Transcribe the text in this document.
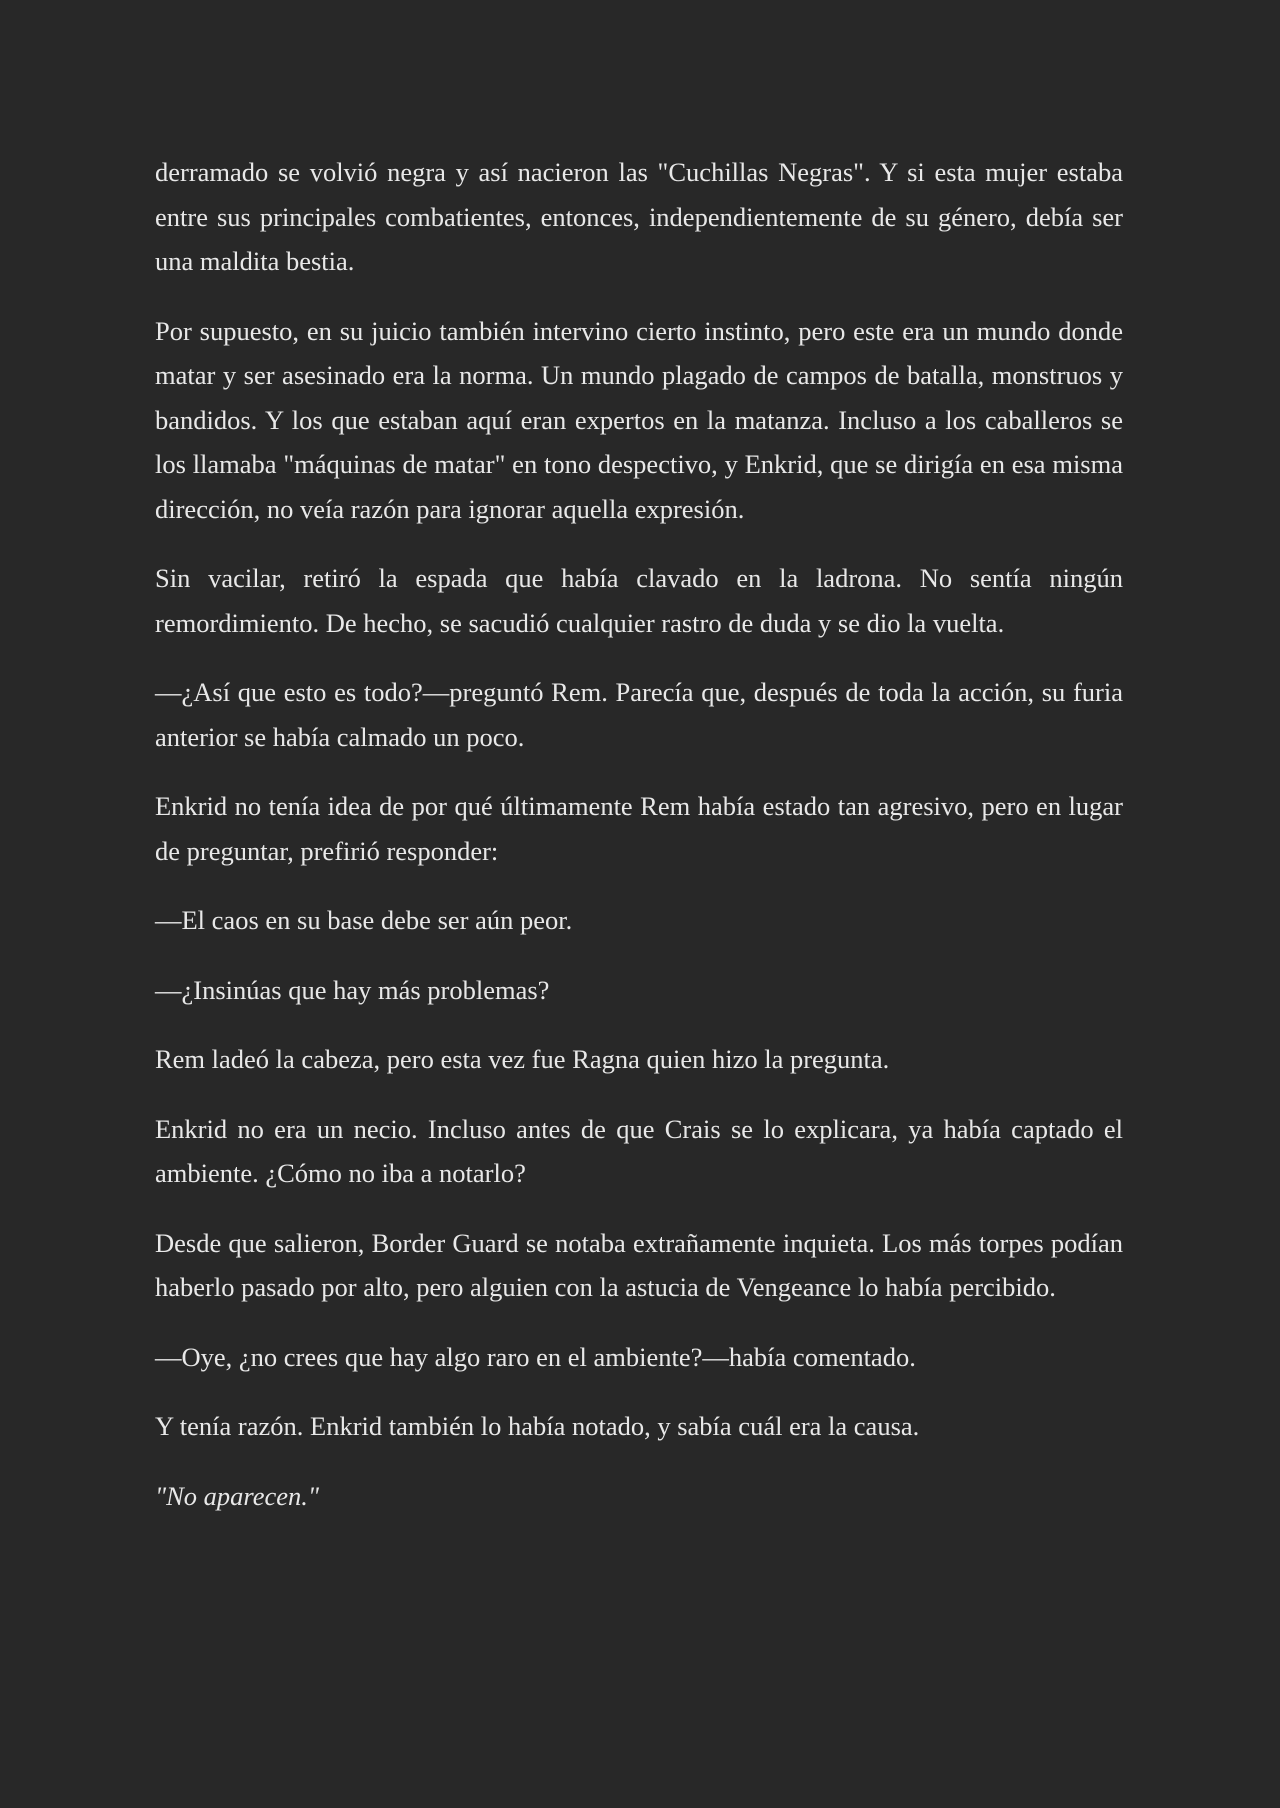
derramado se volvió negra y así nacieron las "Cuchillas Negras". Y si esta mujer estaba entre sus principales combatientes, entonces, independientemente de su género, debía ser una maldita bestia.

Por supuesto, en su juicio también intervino cierto instinto, pero este era un mundo donde matar y ser asesinado era la norma. Un mundo plagado de campos de batalla, monstruos y bandidos. Y los que estaban aquí eran expertos en la matanza. Incluso a los caballeros se los llamaba "máquinas de matar" en tono despectivo, y Enkrid, que se dirigía en esa misma dirección, no veía razón para ignorar aquella expresión.

Sin vacilar, retiró la espada que había clavado en la ladrona. No sentía ningún remordimiento. De hecho, se sacudió cualquier rastro de duda y se dio la vuelta.

—¿Así que esto es todo?—preguntó Rem. Parecía que, después de toda la acción, su furia anterior se había calmado un poco.

Enkrid no tenía idea de por qué últimamente Rem había estado tan agresivo, pero en lugar de preguntar, prefirió responder:

—El caos en su base debe ser aún peor.

—¿Insinúas que hay más problemas?

Rem ladeó la cabeza, pero esta vez fue Ragna quien hizo la pregunta.

Enkrid no era un necio. Incluso antes de que Crais se lo explicara, ya había captado el ambiente. ¿Cómo no iba a notarlo?

Desde que salieron, Border Guard se notaba extrañamente inquieta. Los más torpes podían haberlo pasado por alto, pero alguien con la astucia de Vengeance lo había percibido.

—Oye, ¿no crees que hay algo raro en el ambiente?—había comentado.

Y tenía razón. Enkrid también lo había notado, y sabía cuál era la causa.

"No aparecen."
